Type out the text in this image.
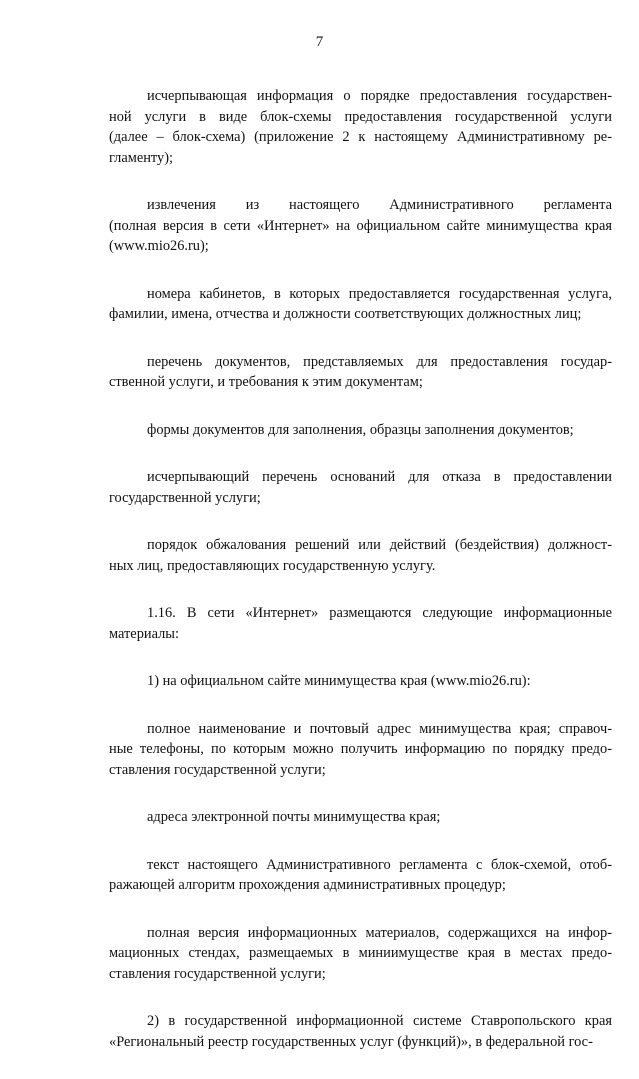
7
исчерпывающая информация о порядке предоставления государствен-
ной услуги в виде блок-схемы предоставления государственной услуги
(далее – блок-схема) (приложение 2 к настоящему Административному ре-
гламенту);
извлечения из настоящего Административного регламента
(полная версия в сети «Интернет» на официальном сайте минимущества края
(www.mio26.ru);
номера кабинетов, в которых предоставляется государственная услуга,
фамилии, имена, отчества и должности соответствующих должностных лиц;
перечень документов, представляемых для предоставления государ-
ственной услуги, и требования к этим документам;
формы документов для заполнения, образцы заполнения документов;
исчерпывающий перечень оснований для отказа в предоставлении
государственной услуги;
порядок обжалования решений или действий (бездействия) должност-
ных лиц, предоставляющих государственную услугу.
1.16. В сети «Интернет» размещаются следующие информационные
материалы:
1) на официальном сайте минимущества края (www.mio26.ru):
полное наименование и почтовый адрес минимущества края; справоч-
ные телефоны, по которым можно получить информацию по порядку предо-
ставления государственной услуги;
адреса электронной почты минимущества края;
текст настоящего Административного регламента с блок-схемой, отоб-
ражающей алгоритм прохождения административных процедур;
полная версия информационных материалов, содержащихся на инфор-
мационных стендах, размещаемых в миниимуществе края в местах предо-
ставления государственной услуги;
2) в государственной информационной системе Ставропольского края
«Региональный реестр государственных услуг (функций)», в федеральной гос-
